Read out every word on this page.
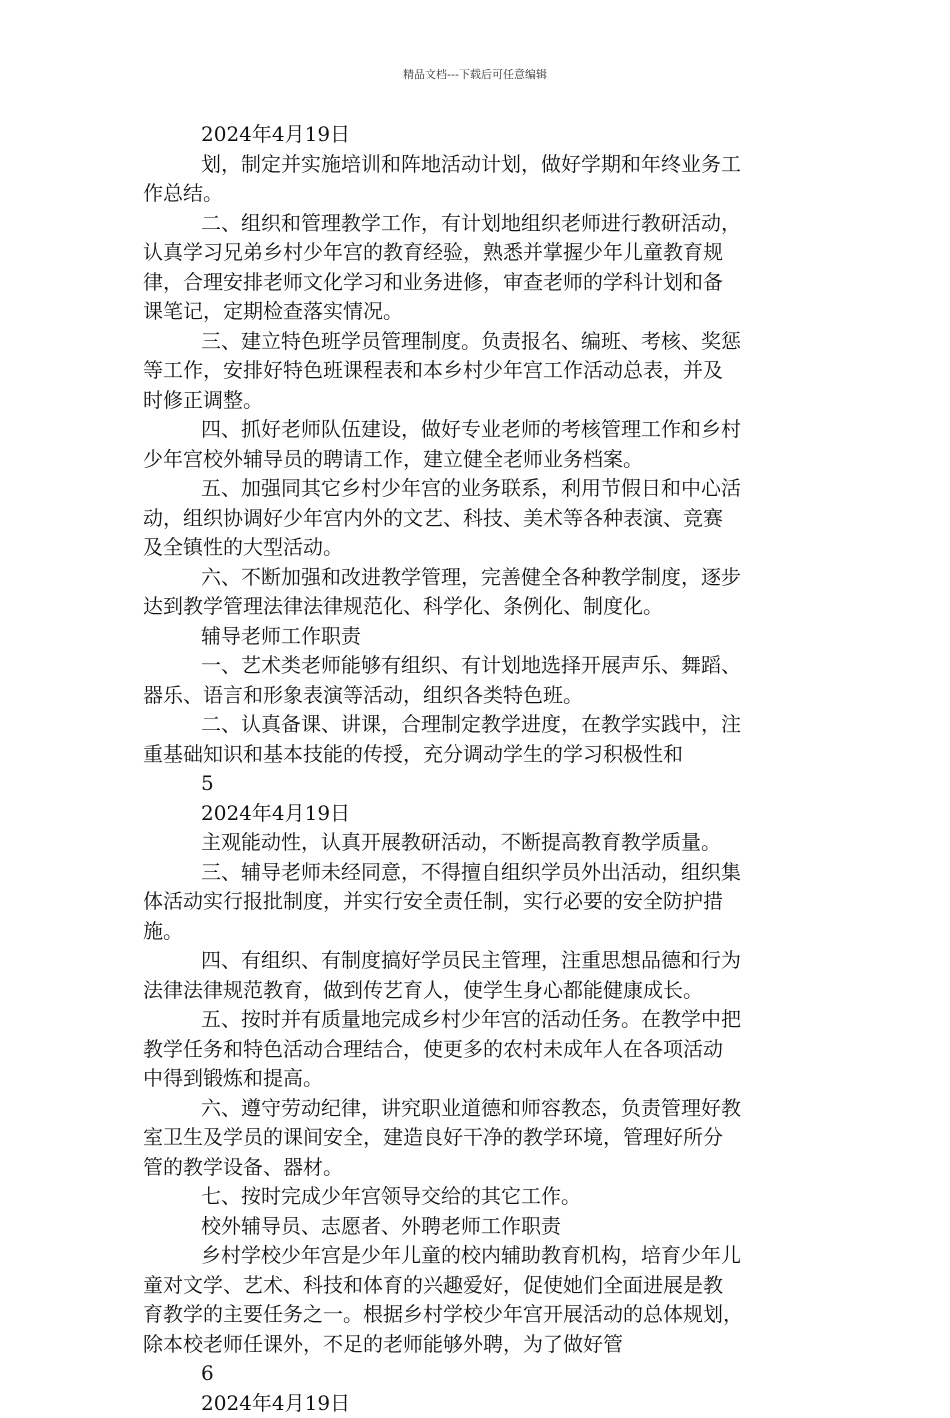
精品文档---下载后可任意编辑
2024年4月19日
划，制定并实施培训和阵地活动计划，做好学期和年终业务工
作总结。
二、组织和管理教学工作，有计划地组织老师进行教研活动，
认真学习兄弟乡村少年宫的教育经验，熟悉并掌握少年儿童教育规
律，合理安排老师文化学习和业务进修，审查老师的学科计划和备
课笔记，定期检查落实情况。
三、建立特色班学员管理制度。负责报名、编班、考核、奖惩
等工作，安排好特色班课程表和本乡村少年宫工作活动总表，并及
时修正调整。
四、抓好老师队伍建设，做好专业老师的考核管理工作和乡村
少年宫校外辅导员的聘请工作，建立健全老师业务档案。
五、加强同其它乡村少年宫的业务联系，利用节假日和中心活
动，组织协调好少年宫内外的文艺、科技、美术等各种表演、竞赛
及全镇性的大型活动。
六、不断加强和改进教学管理，完善健全各种教学制度，逐步
达到教学管理法律法律规范化、科学化、条例化、制度化。
辅导老师工作职责
一、艺术类老师能够有组织、有计划地选择开展声乐、舞蹈、
器乐、语言和形象表演等活动，组织各类特色班。
二、认真备课、讲课，合理制定教学进度，在教学实践中，注
重基础知识和基本技能的传授，充分调动学生的学习积极性和
5
2024年4月19日
主观能动性，认真开展教研活动，不断提高教育教学质量。
三、辅导老师未经同意，不得擅自组织学员外出活动，组织集
体活动实行报批制度，并实行安全责任制，实行必要的安全防护措
施。
四、有组织、有制度搞好学员民主管理，注重思想品德和行为
法律法律规范教育，做到传艺育人，使学生身心都能健康成长。
五、按时并有质量地完成乡村少年宫的活动任务。在教学中把
教学任务和特色活动合理结合，使更多的农村未成年人在各项活动
中得到锻炼和提高。
六、遵守劳动纪律，讲究职业道德和师容教态，负责管理好教
室卫生及学员的课间安全，建造良好干净的教学环境，管理好所分
管的教学设备、器材。
七、按时完成少年宫领导交给的其它工作。
校外辅导员、志愿者、外聘老师工作职责
乡村学校少年宫是少年儿童的校内辅助教育机构，培育少年儿
童对文学、艺术、科技和体育的兴趣爱好，促使她们全面进展是教
育教学的主要任务之一。根据乡村学校少年宫开展活动的总体规划，
除本校老师任课外，不足的老师能够外聘，为了做好管
6
2024年4月19日
